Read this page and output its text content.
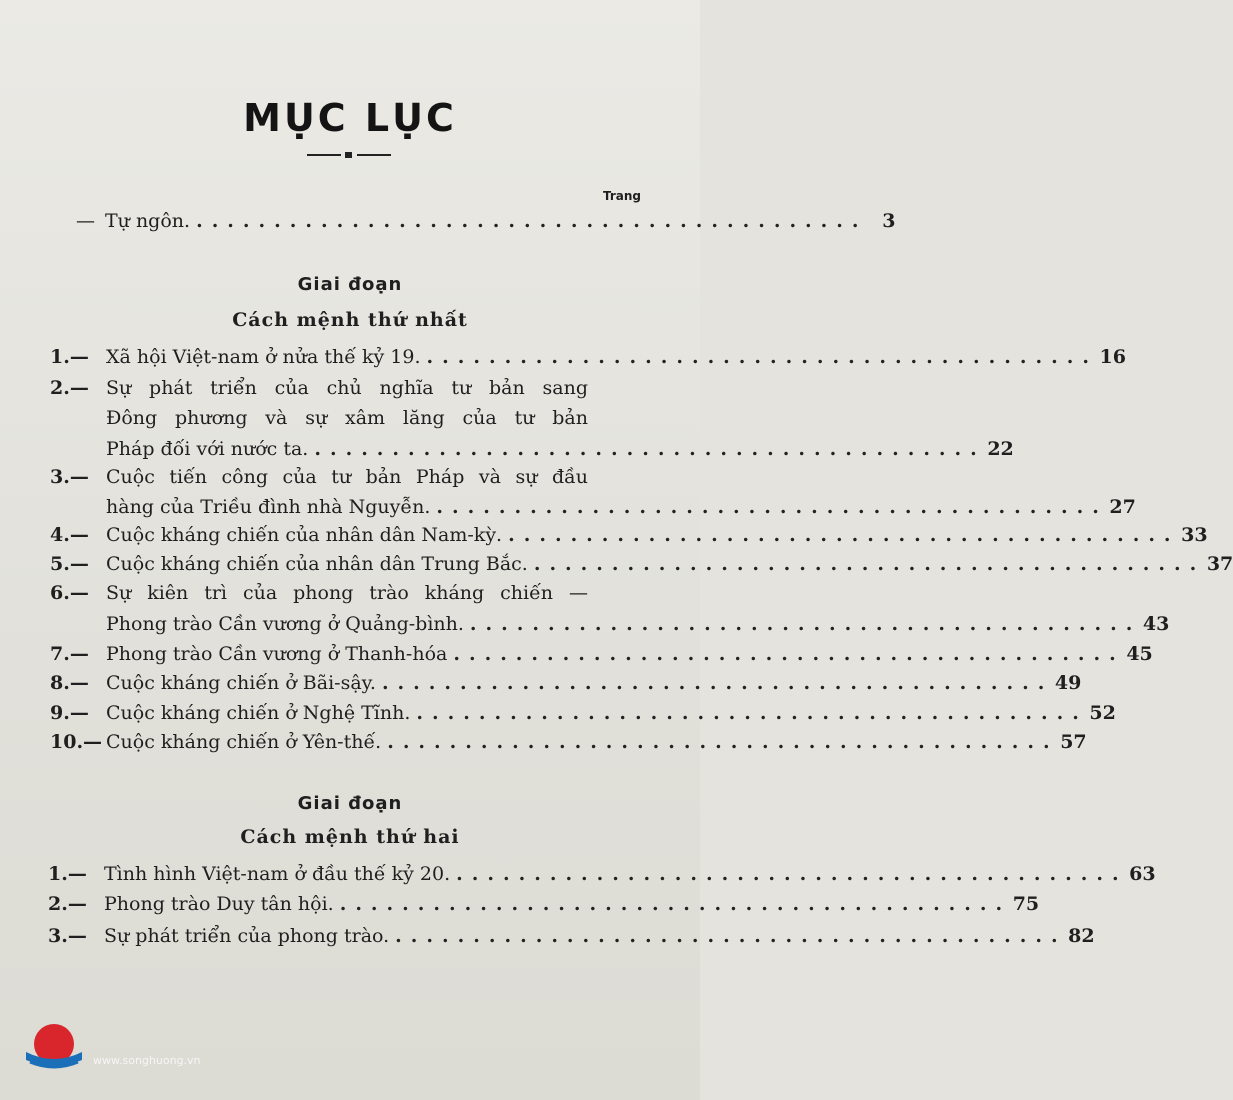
MỤC LỤC
Trang
— Tự ngôn. ........................................... 3
Giai đoạn
Cách mệnh thứ nhất
1.— Xã hội Việt-nam ở nửa thế kỷ 19. ........................................... 16
Sự phát triển của chủ nghĩa tư bản sang
2.—
Đông phương và sự xâm lăng của tư bản
Pháp đối với nước ta. ........................................... 22
Cuộc tiến công của tư bản Pháp và sự đầu
3.—
hàng của Triều đình nhà Nguyễn. ........................................... 27
4.— Cuộc kháng chiến của nhân dân Nam-kỳ. ........................................... 33
5.— Cuộc kháng chiến của nhân dân Trung Bắc. ........................................... 37
Sự kiên trì của phong trào kháng chiến —
6.—
Phong trào Cần vương ở Quảng-bình. ........................................... 43
7.— Phong trào Cần vương ở Thanh-hóa ........................................... 45
8.— Cuộc kháng chiến ở Bãi-sậy. ........................................... 49
9.— Cuộc kháng chiến ở Nghệ Tĩnh. ........................................... 52
10.— Cuộc kháng chiến ở Yên-thế. ........................................... 57
Giai đoạn
Cách mệnh thứ hai
1.— Tình hình Việt-nam ở đầu thế kỷ 20. ........................................... 63
2.— Phong trào Duy tân hội. ........................................... 75
3.— Sự phát triển của phong trào. ........................................... 82
www.songhuong.vn
